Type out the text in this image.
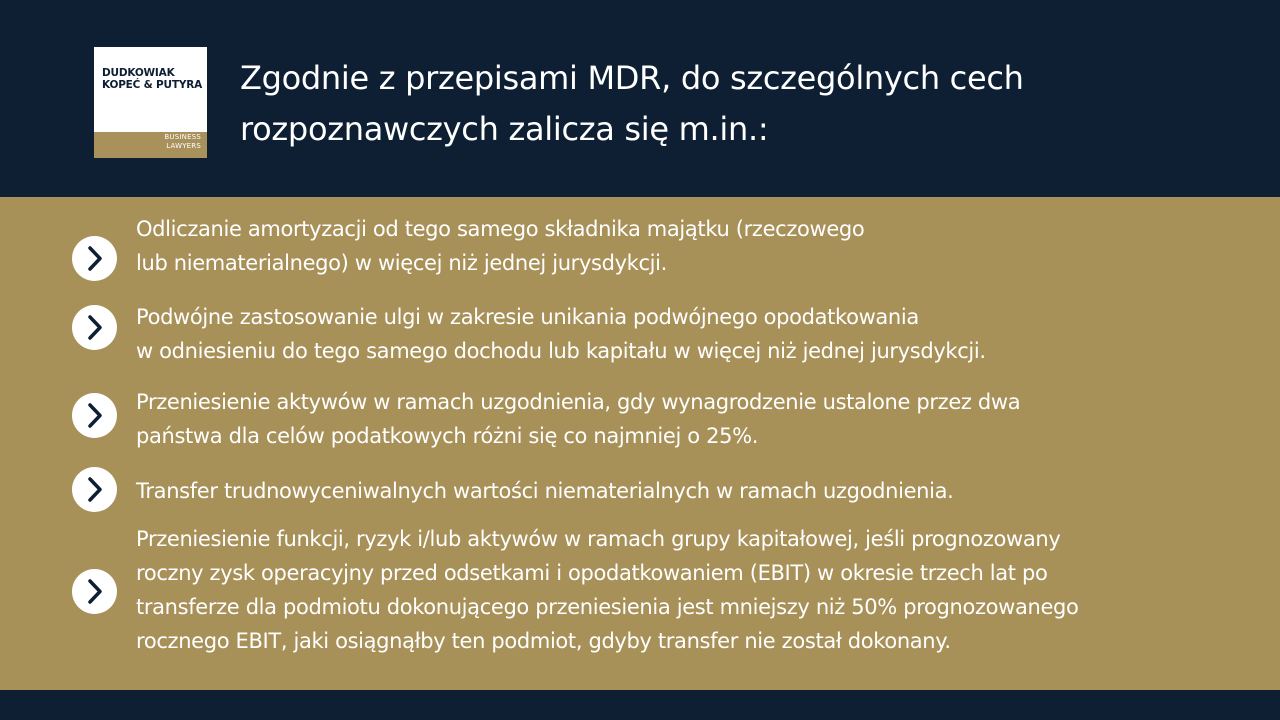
DUDKOWIAK
KOPEĆ & PUTYRA
BUSINESS
LAWYERS
Zgodnie z przepisami MDR, do szczególnych cech
rozpoznawczych zalicza się m.in.:
Odliczanie amortyzacji od tego samego składnika majątku (rzeczowego
lub niematerialnego) w więcej niż jednej jurysdykcji.
Podwójne zastosowanie ulgi w zakresie unikania podwójnego opodatkowania
w odniesieniu do tego samego dochodu lub kapitału w więcej niż jednej jurysdykcji.
Przeniesienie aktywów w ramach uzgodnienia, gdy wynagrodzenie ustalone przez dwa
państwa dla celów podatkowych różni się co najmniej o 25%.
Transfer trudnowyceniwalnych wartości niematerialnych w ramach uzgodnienia.
Przeniesienie funkcji, ryzyk i/lub aktywów w ramach grupy kapitałowej, jeśli prognozowany
roczny zysk operacyjny przed odsetkami i opodatkowaniem (EBIT) w okresie trzech lat po
transferze dla podmiotu dokonującego przeniesienia jest mniejszy niż 50% prognozowanego
rocznego EBIT, jaki osiągnąłby ten podmiot, gdyby transfer nie został dokonany.
